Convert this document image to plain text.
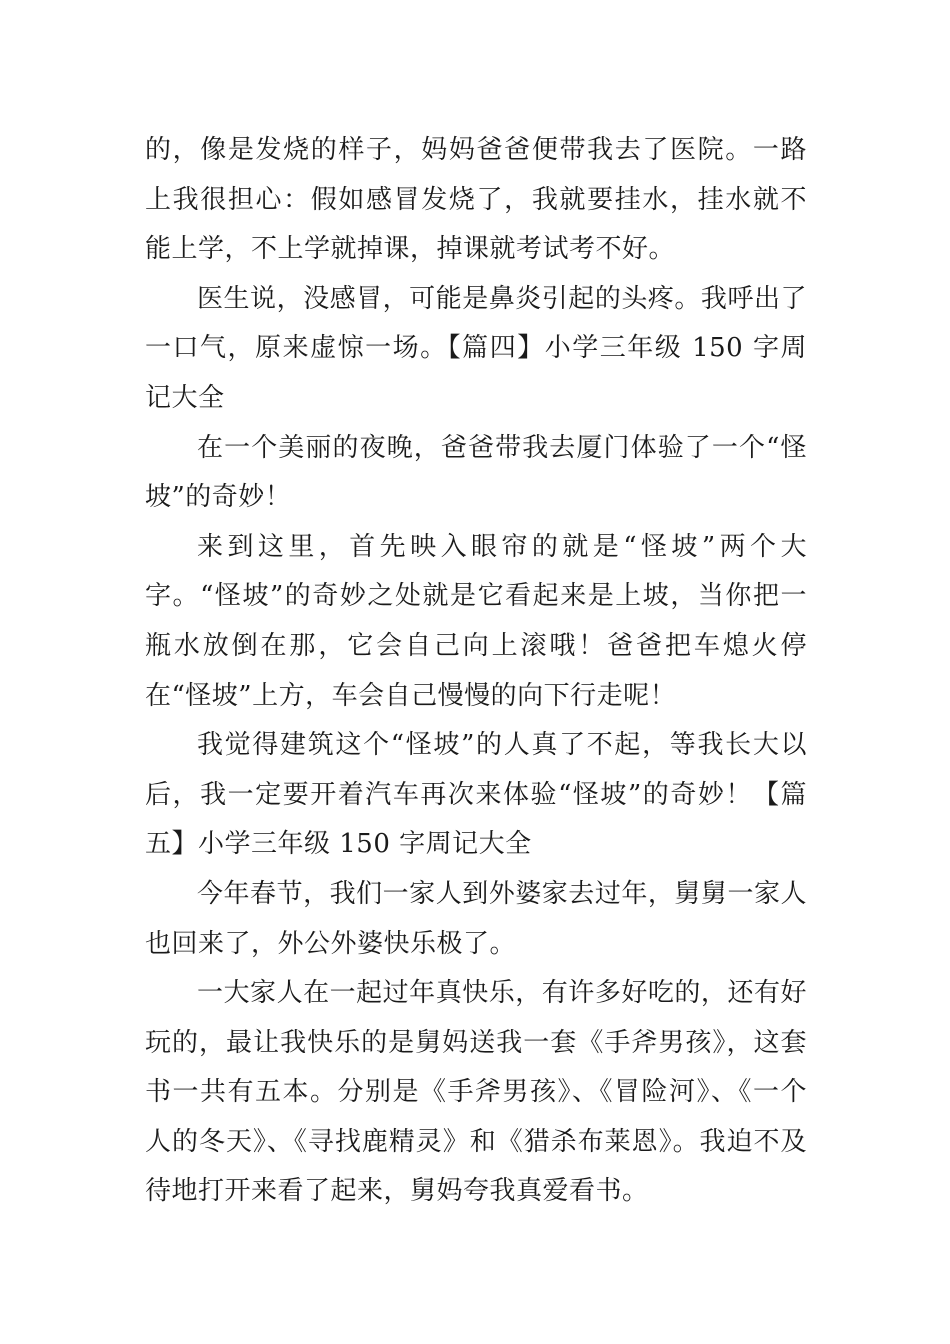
的，像是发烧的样子，妈妈爸爸便带我去了医院。一路上我很担心：假如感冒发烧了，我就要挂水，挂水就不能上学，不上学就掉课，掉课就考试考不好。

医生说，没感冒，可能是鼻炎引起的头疼。我呼出了一口气，原来虚惊一场。【篇四】小学三年级 150 字周记大全

在一个美丽的夜晚，爸爸带我去厦门体验了一个“怪坡”的奇妙！

来到这里，首先映入眼帘的就是“怪坡”两个大字。“怪坡”的奇妙之处就是它看起来是上坡，当你把一瓶水放倒在那，它会自己向上滚哦！爸爸把车熄火停在“怪坡”上方，车会自己慢慢的向下行走呢！

我觉得建筑这个“怪坡”的人真了不起，等我长大以后，我一定要开着汽车再次来体验“怪坡”的奇妙！【篇五】小学三年级 150 字周记大全

今年春节，我们一家人到外婆家去过年，舅舅一家人也回来了，外公外婆快乐极了。

一大家人在一起过年真快乐，有许多好吃的，还有好玩的，最让我快乐的是舅妈送我一套《手斧男孩》，这套书一共有五本。分别是《手斧男孩》、《冒险河》、《一个人的冬天》、《寻找鹿精灵》和《猎杀布莱恩》。我迫不及待地打开来看了起来，舅妈夸我真爱看书。
